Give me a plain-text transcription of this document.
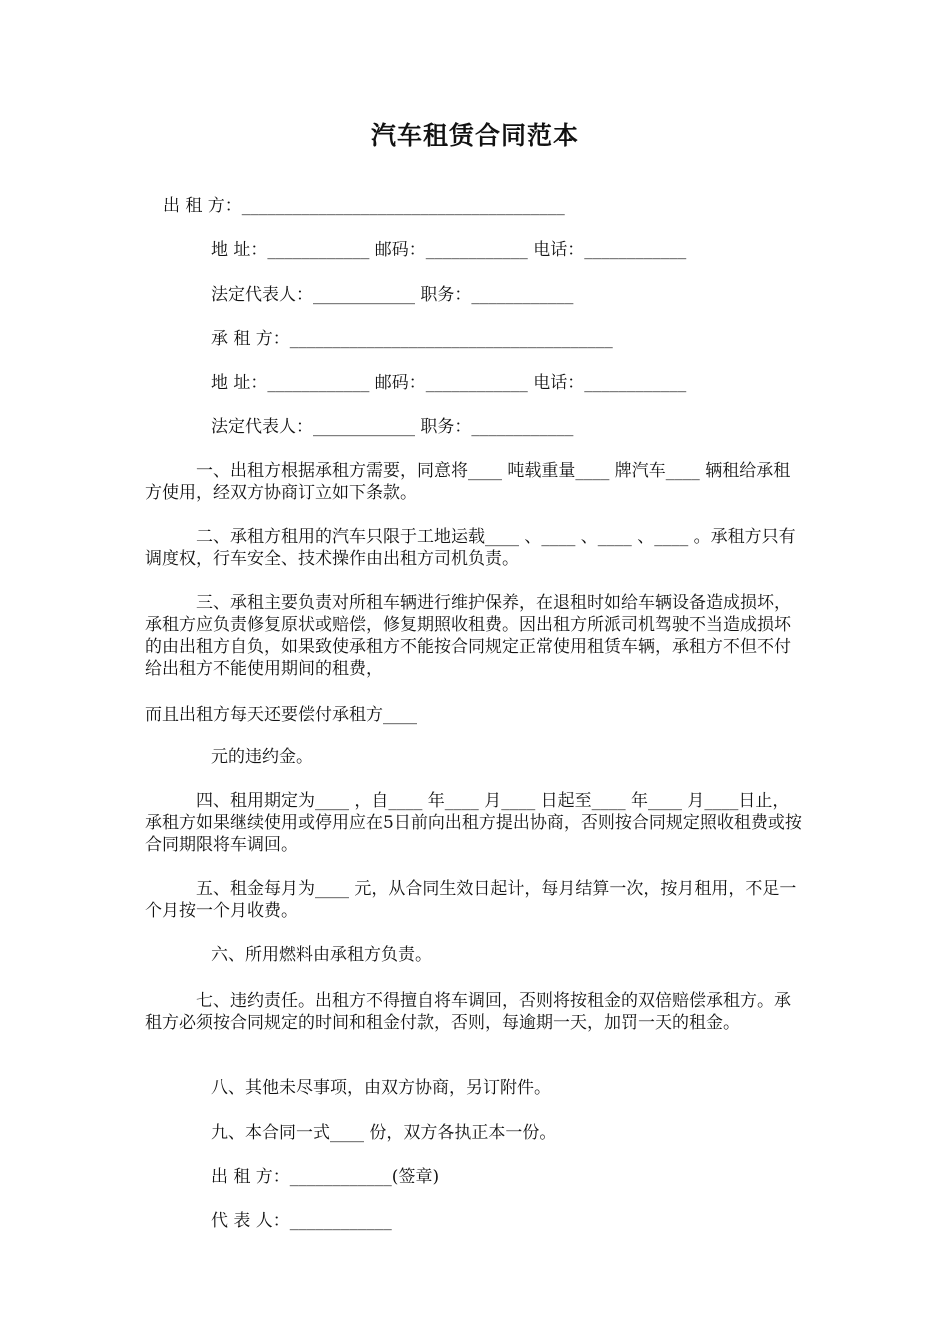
汽车租赁合同范本
出 租 方：______________________________________
地 址：____________ 邮码：____________ 电话：____________
法定代表人：____________ 职务：____________
承 租 方：______________________________________
地 址：____________ 邮码：____________ 电话：____________
法定代表人：____________ 职务：____________
　　　一、出租方根据承租方需要，同意将____ 吨载重量____ 牌汽车____ 辆租给承租方使用，经双方协商订立如下条款。
　　　二、承租方租用的汽车只限于工地运载____ 、____ 、____ 、____ 。承租方只有调度权，行车安全、技术操作由出租方司机负责。
　　　三、承租主要负责对所租车辆进行维护保养，在退租时如给车辆设备造成损坏，承租方应负责修复原状或赔偿，修复期照收租费。因出租方所派司机驾驶不当造成损坏的由出租方自负，如果致使承租方不能按合同规定正常使用租赁车辆，承租方不但不付给出租方不能使用期间的租费，
而且出租方每天还要偿付承租方____
元的违约金。
　　　四、租用期定为____ ，自____ 年____ 月____ 日起至____ 年____ 月____日止，承租方如果继续使用或停用应在5日前向出租方提出协商，否则按合同规定照收租费或按合同期限将车调回。
　　　五、租金每月为____ 元，从合同生效日起计，每月结算一次，按月租用，不足一个月按一个月收费。
六、所用燃料由承租方负责。
　　　七、违约责任。出租方不得擅自将车调回，否则将按租金的双倍赔偿承租方。承租方必须按合同规定的时间和租金付款，否则，每逾期一天，加罚一天的租金。
八、其他未尽事项，由双方协商，另订附件。
九、本合同一式____ 份，双方各执正本一份。
出 租 方：____________(签章)
代 表 人：____________
